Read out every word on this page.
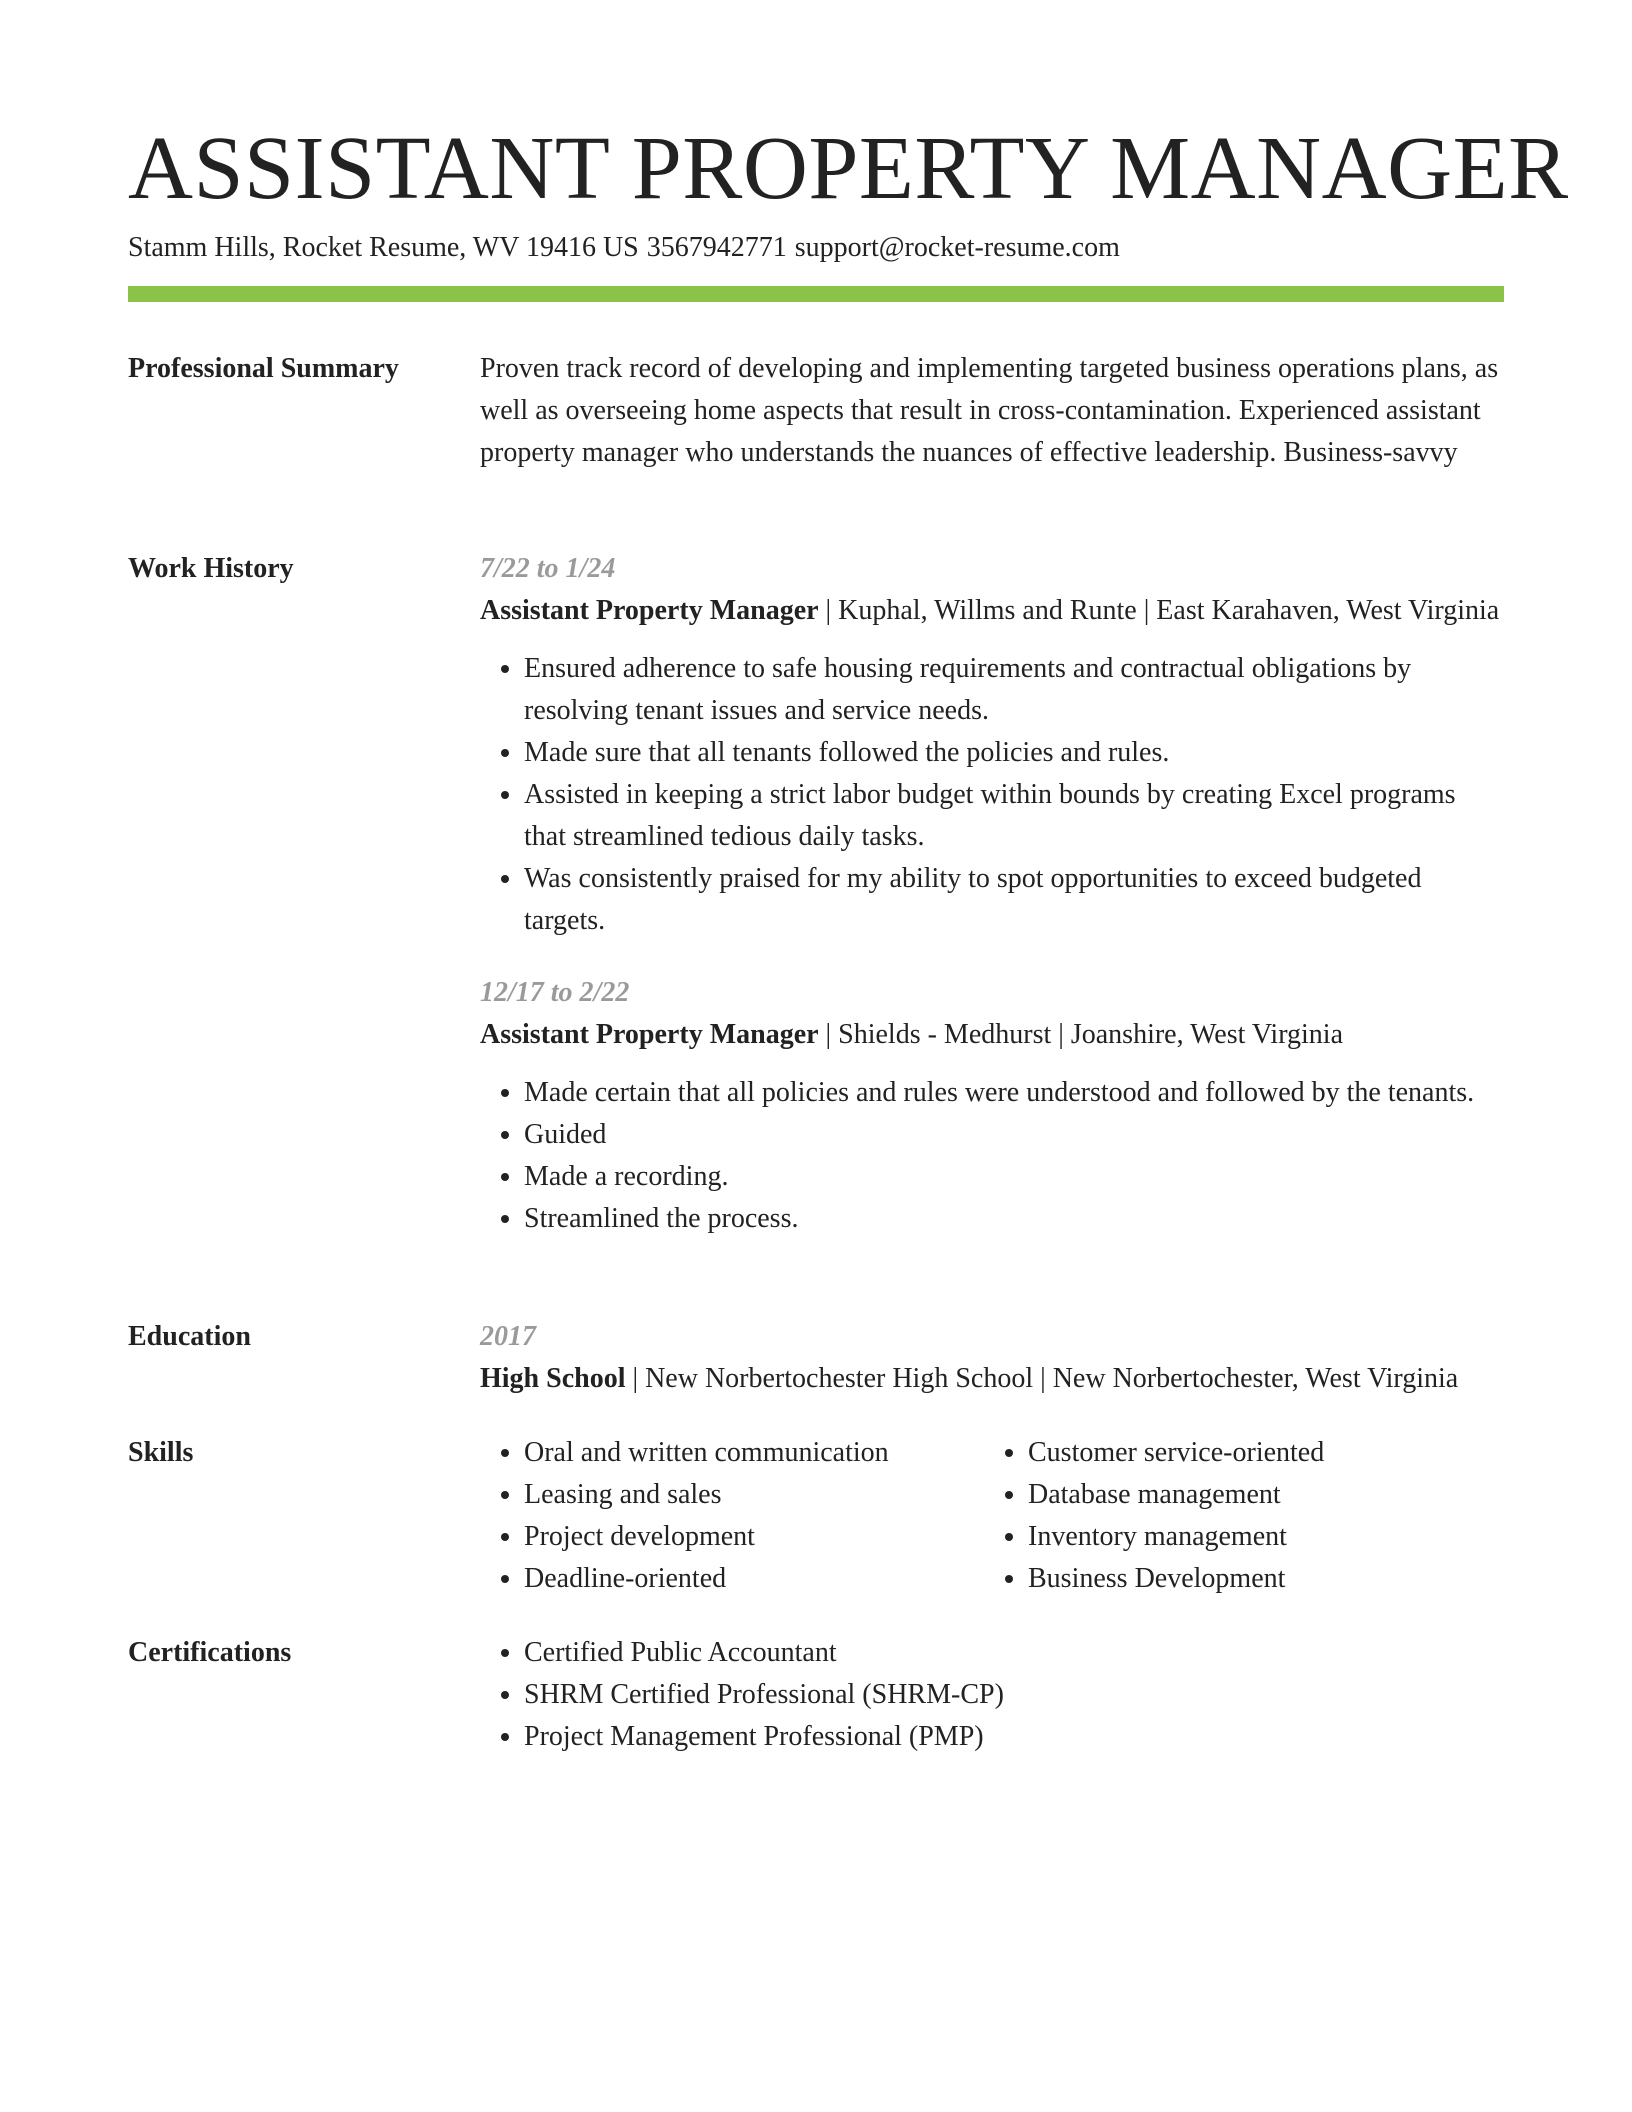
ASSISTANT PROPERTY MANAGER
Stamm Hills, Rocket Resume, WV 19416 US 3567942771 support@rocket-resume.com
Professional Summary	Proven track record of developing and implementing targeted business operations plans, as well as overseeing home aspects that result in cross-contamination. Experienced assistant property manager who understands the nuances of effective leadership. Business-savvy

Work History	7/22 to 1/24
Assistant Property Manager | Kuphal, Willms and Runte | East Karahaven, West Virginia
• Ensured adherence to safe housing requirements and contractual obligations by resolving tenant issues and service needs.
• Made sure that all tenants followed the policies and rules.
• Assisted in keeping a strict labor budget within bounds by creating Excel programs that streamlined tedious daily tasks.
• Was consistently praised for my ability to spot opportunities to exceed budgeted targets.
12/17 to 2/22
Assistant Property Manager | Shields - Medhurst | Joanshire, West Virginia
• Made certain that all policies and rules were understood and followed by the tenants.
• Guided
• Made a recording.
• Streamlined the process.
Education	2017
High School | New Norbertochester High School | New Norbertochester, West Virginia
Skills	• Oral and written communication
• Leasing and sales
• Project development
• Deadline-oriented
• Customer service-oriented
• Database management
• Inventory management
• Business Development
Certifications	• Certified Public Accountant
• SHRM Certified Professional (SHRM-CP)
• Project Management Professional (PMP)
